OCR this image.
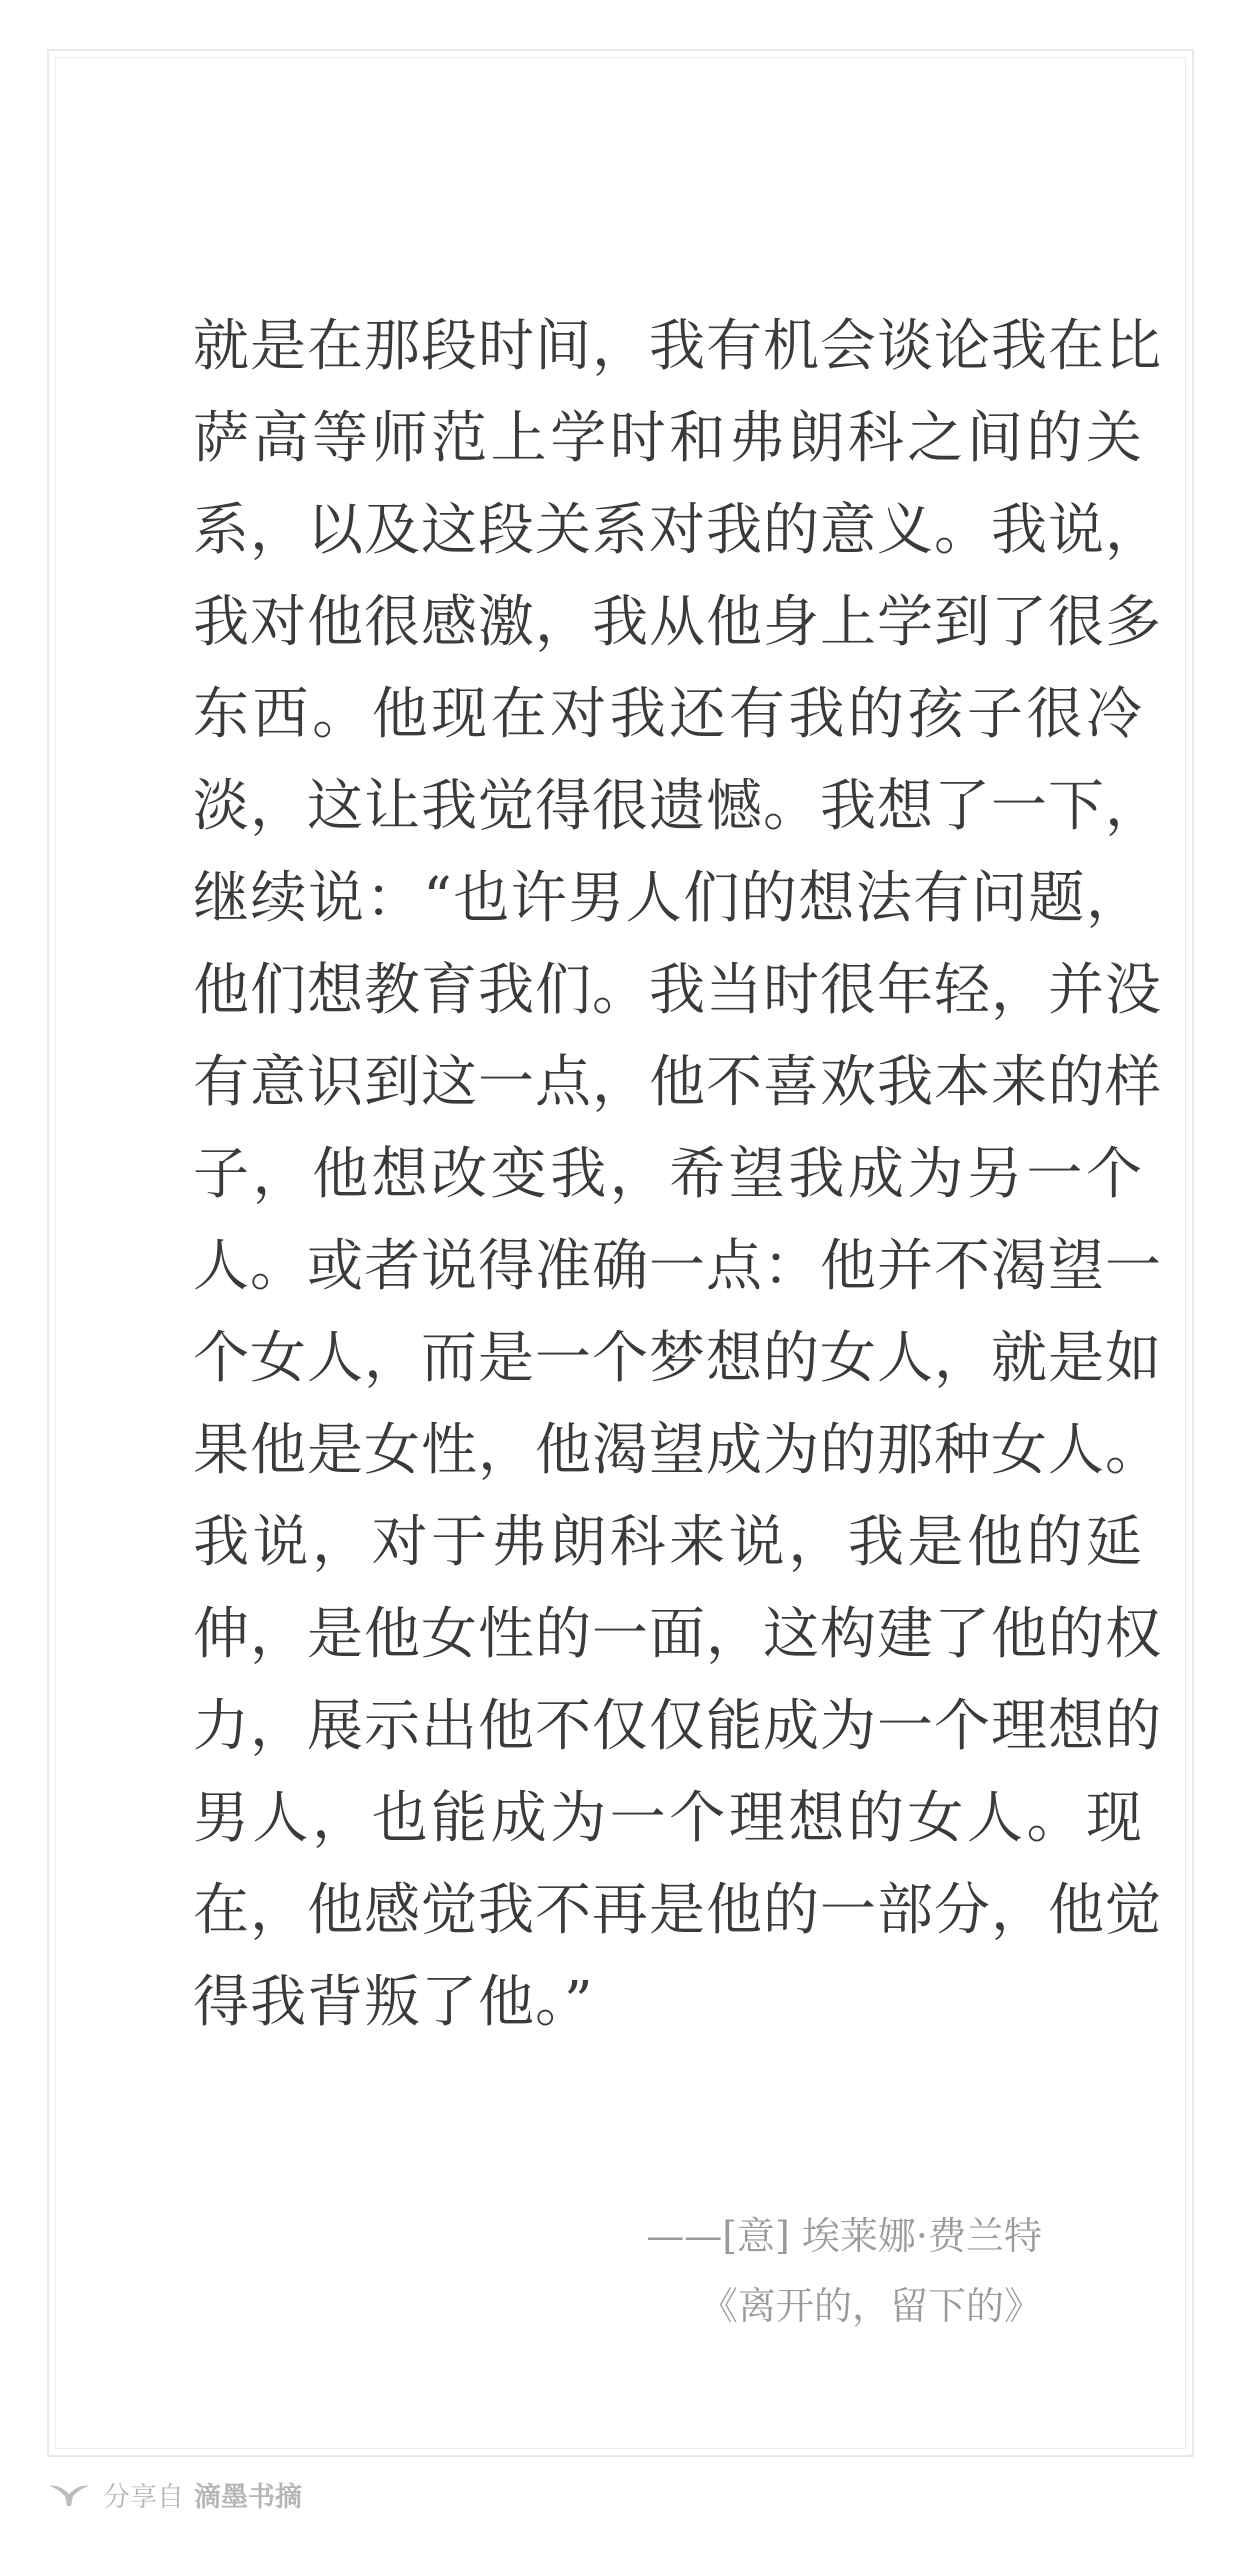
就是在那段时间，我有机会谈论我在比
萨高等师范上学时和弗朗科之间的关
系，以及这段关系对我的意义。我说，
我对他很感激，我从他身上学到了很多
东西。他现在对我还有我的孩子很冷
淡，这让我觉得很遗憾。我想了一下，
继续说：“也许男人们的想法有问题，
他们想教育我们。我当时很年轻，并没
有意识到这一点，他不喜欢我本来的样
子，他想改变我，希望我成为另一个
人。或者说得准确一点：他并不渴望一
个女人，而是一个梦想的女人，就是如
果他是女性，他渴望成为的那种女人。
我说，对于弗朗科来说，我是他的延
伸，是他女性的一面，这构建了他的权
力，展示出他不仅仅能成为一个理想的
男人，也能成为一个理想的女人。现
在，他感觉我不再是他的一部分，他觉
得我背叛了他。”
——[意] 埃莱娜·费兰特
《离开的，留下的》
分享自 滴墨书摘
